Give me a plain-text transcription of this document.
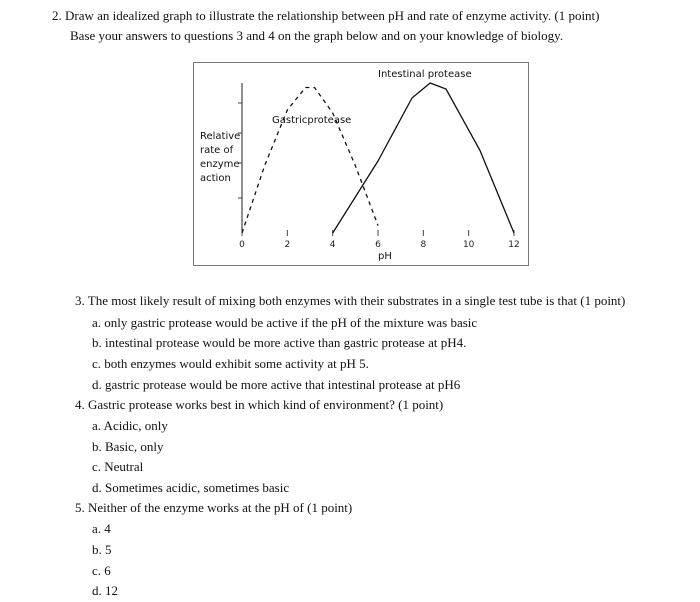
2. Draw an idealized graph to illustrate the relationship between pH and rate of enzyme activity. (1 point)
Base your answers to questions 3 and 4 on the graph below and on your knowledge of biology.
0	2	4	6	8	10	12
Intestinal protease
Gastricprotease
Relative
rate of
enzyme
action
pH
3. The most likely result of mixing both enzymes with their substrates in a single test tube is that (1 point)
a. only gastric protease would be active if the pH of the mixture was basic
b. intestinal protease would be more active than gastric protease at pH4.
c. both enzymes would exhibit some activity at pH 5.
d. gastric protease would be more active that intestinal protease at pH6
4. Gastric protease works best in which kind of environment? (1 point)
a. Acidic, only
b. Basic, only
c. Neutral
d. Sometimes acidic, sometimes basic
5. Neither of the enzyme works at the pH of (1 point)
a. 4
b. 5
c. 6
d. 12
